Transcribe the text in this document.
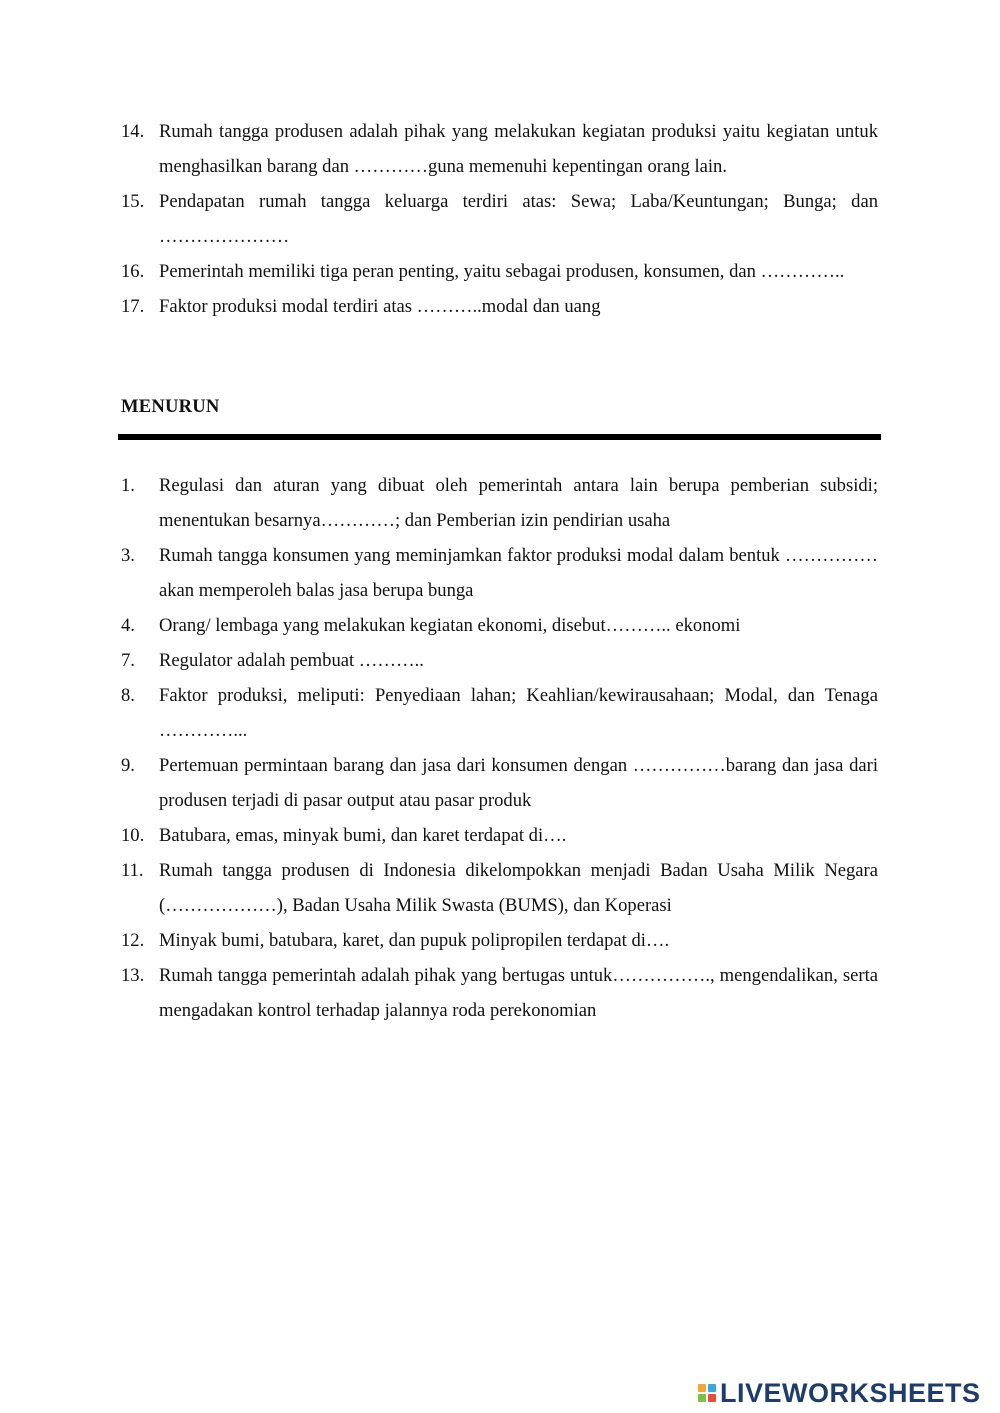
14. Rumah tangga produsen adalah pihak yang melakukan kegiatan produksi yaitu kegiatan untuk menghasilkan barang dan …………guna memenuhi kepentingan orang lain.
15. Pendapatan rumah tangga keluarga terdiri atas: Sewa; Laba/Keuntungan; Bunga; dan …………………
16. Pemerintah memiliki tiga peran penting, yaitu sebagai produsen, konsumen, dan …………..
17. Faktor produksi modal terdiri atas ………..modal dan uang
MENURUN
1. Regulasi dan aturan yang dibuat oleh pemerintah antara lain berupa pemberian subsidi; menentukan besarnya…………; dan Pemberian izin pendirian usaha
3. Rumah tangga konsumen yang meminjamkan faktor produksi modal dalam bentuk …………… akan memperoleh balas jasa berupa bunga
4. Orang/ lembaga yang melakukan kegiatan ekonomi, disebut……….. ekonomi
7. Regulator adalah pembuat ………..
8. Faktor produksi, meliputi: Penyediaan lahan; Keahlian/kewirausahaan; Modal, dan Tenaga …………...
9. Pertemuan permintaan barang dan jasa dari konsumen dengan ……………barang dan jasa dari produsen terjadi di pasar output atau pasar produk
10. Batubara, emas, minyak bumi, dan karet terdapat di….
11. Rumah tangga produsen di Indonesia dikelompokkan menjadi Badan Usaha Milik Negara (………………), Badan Usaha Milik Swasta (BUMS), dan Koperasi
12. Minyak bumi, batubara, karet, dan pupuk polipropilen terdapat di….
13. Rumah tangga pemerintah adalah pihak yang bertugas untuk……………., mengendalikan, serta mengadakan kontrol terhadap jalannya roda perekonomian
LIVEWORKSHEETS
